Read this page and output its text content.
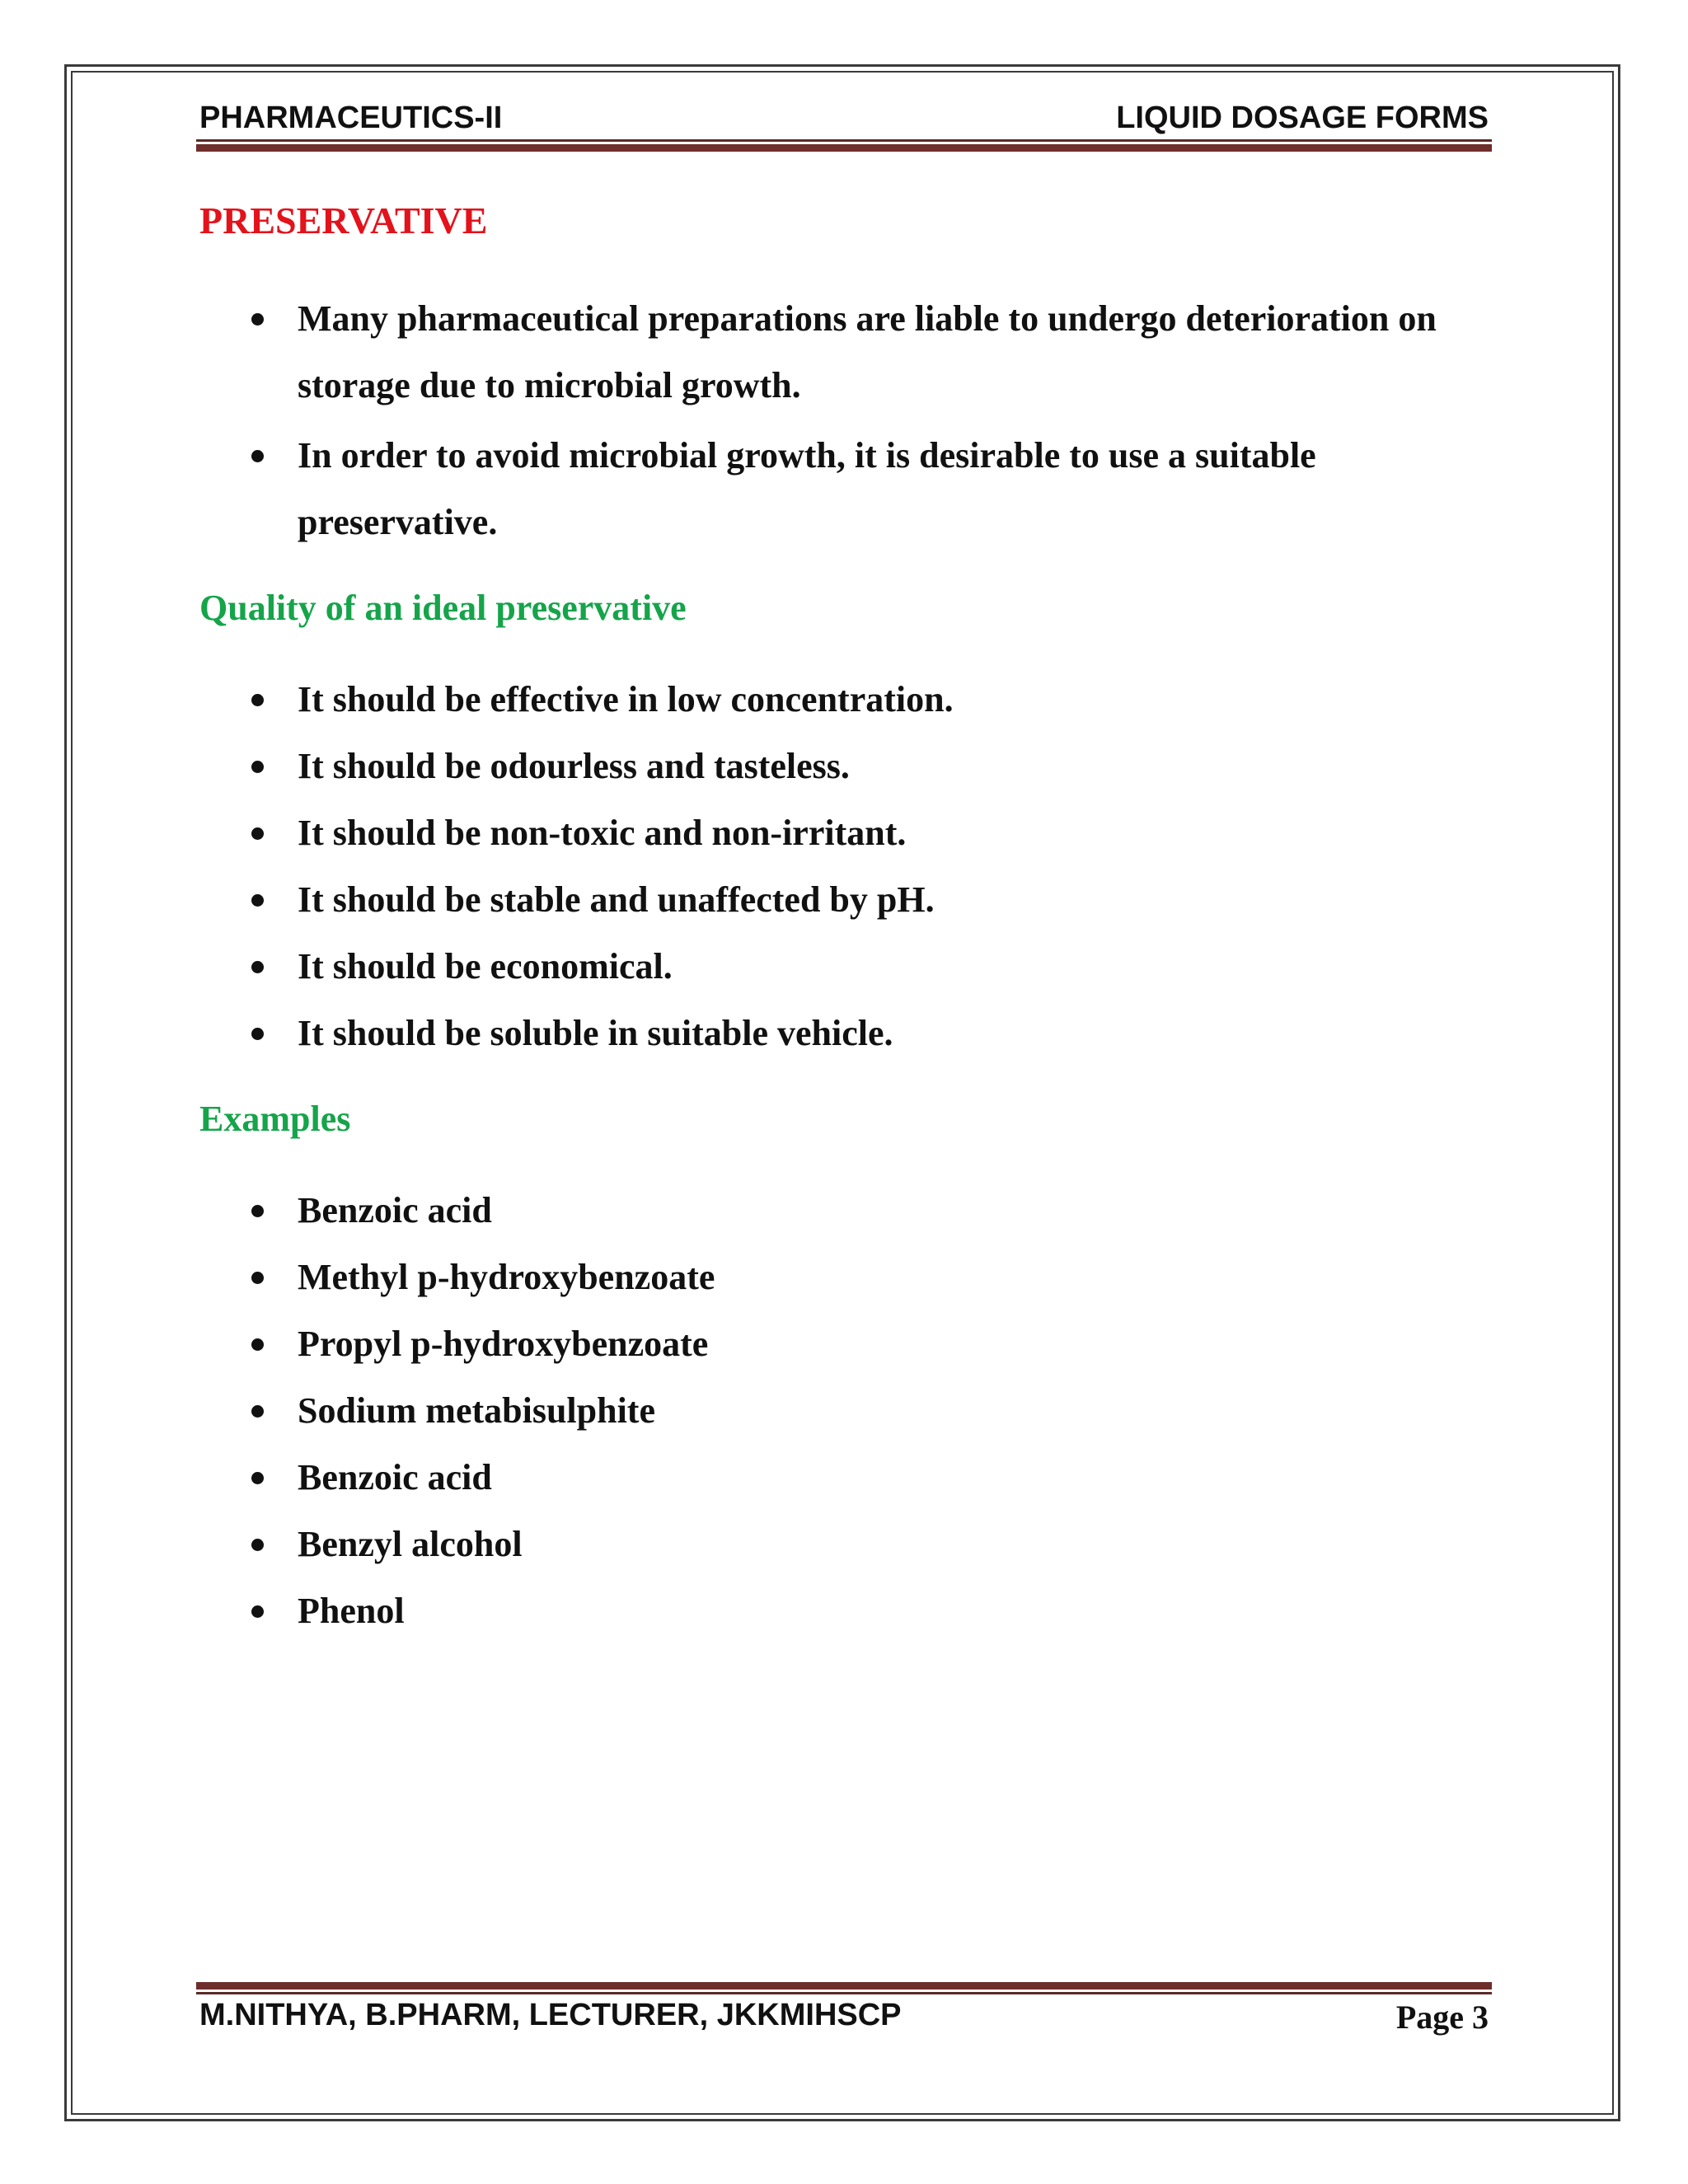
PHARMACEUTICS-II	LIQUID DOSAGE FORMS
PRESERVATIVE
Many pharmaceutical preparations are liable to undergo deterioration on storage due to microbial growth.
In order to avoid microbial growth, it is desirable to use a suitable preservative.
Quality of an ideal preservative
It should be effective in low concentration.
It should be odourless and tasteless.
It should be non-toxic and non-irritant.
It should be stable and unaffected by pH.
It should be economical.
It should be soluble in suitable vehicle.
Examples
Benzoic acid
Methyl p-hydroxybenzoate
Propyl p-hydroxybenzoate
Sodium metabisulphite
Benzoic acid
Benzyl alcohol
Phenol
M.NITHYA, B.PHARM, LECTURER, JKKMIHSCP	Page 3
